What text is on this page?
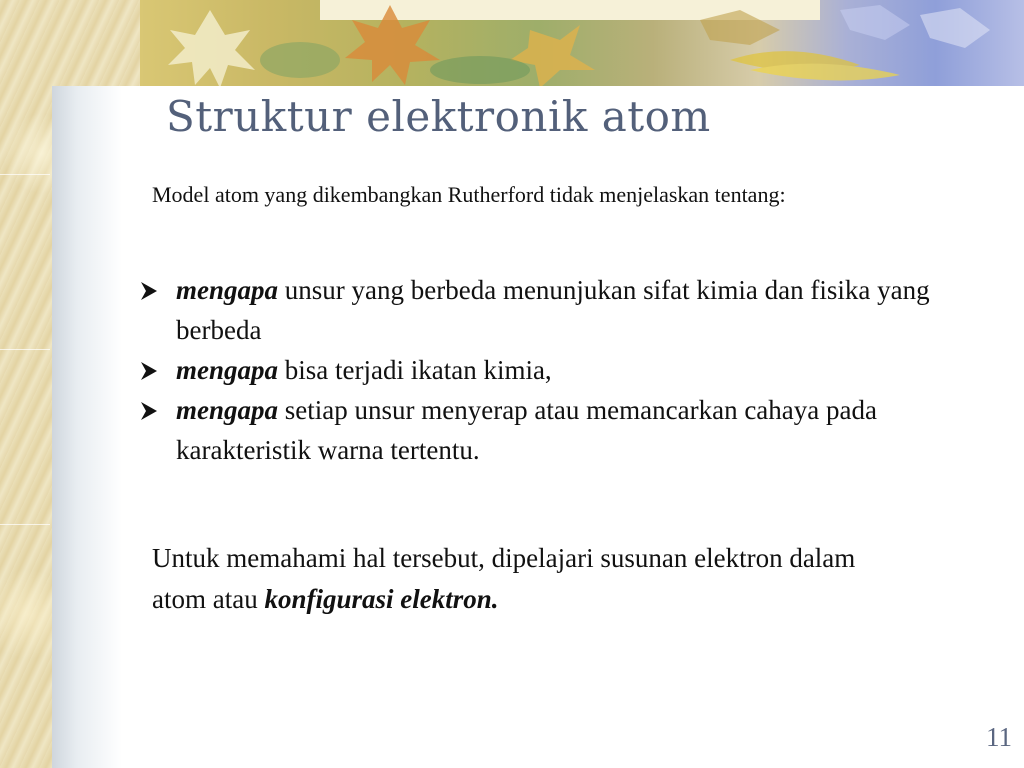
Struktur elektronik atom

Model atom yang dikembangkan Rutherford tidak menjelaskan tentang:

mengapa unsur yang berbeda menunjukan sifat kimia dan fisika yang berbeda
mengapa bisa terjadi ikatan kimia,
mengapa setiap unsur menyerap atau memancarkan cahaya pada karakteristik warna tertentu.

Untuk memahami hal tersebut, dipelajari susunan elektron dalam atom atau konfigurasi elektron.

11
